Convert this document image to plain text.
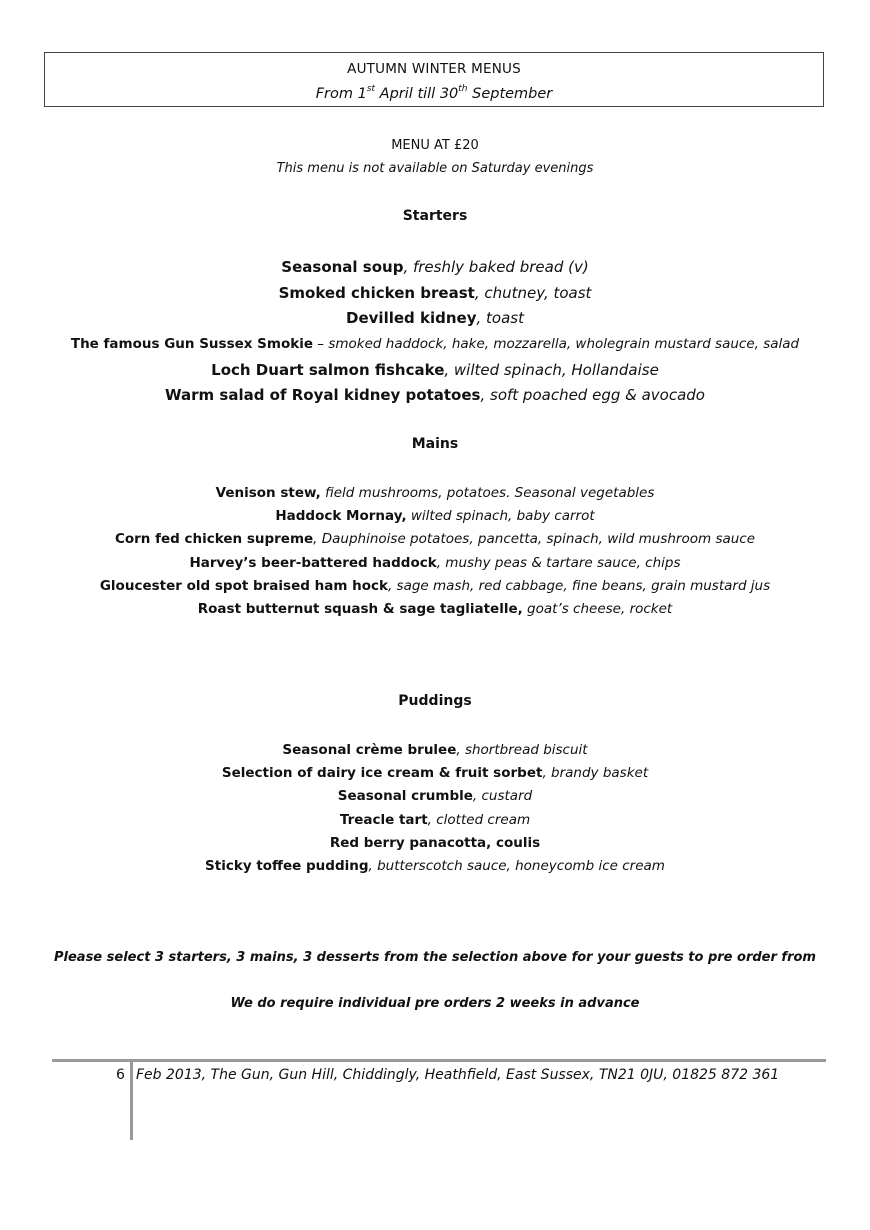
AUTUMN WINTER MENUS
From 1st April till 30th September
MENU AT £20
This menu is not available on Saturday evenings
Starters
Seasonal soup, freshly baked bread (v)
Smoked chicken breast, chutney, toast
Devilled kidney, toast
The famous Gun Sussex Smokie – smoked haddock, hake, mozzarella, wholegrain mustard sauce, salad
Loch Duart salmon fishcake, wilted spinach, Hollandaise
Warm salad of Royal kidney potatoes, soft poached egg & avocado
Mains
Venison stew, field mushrooms, potatoes. Seasonal vegetables
Haddock Mornay, wilted spinach, baby carrot
Corn fed chicken supreme, Dauphinoise potatoes, pancetta, spinach, wild mushroom sauce
Harvey’s beer-battered haddock, mushy peas & tartare sauce, chips
Gloucester old spot braised ham hock, sage mash, red cabbage, fine beans, grain mustard jus
Roast butternut squash & sage tagliatelle, goat’s cheese, rocket
Puddings
Seasonal crème brulee, shortbread biscuit
Selection of dairy ice cream & fruit sorbet, brandy basket
Seasonal crumble, custard
Treacle tart, clotted cream
Red berry panacotta, coulis
Sticky toffee pudding, butterscotch sauce, honeycomb ice cream
Please select 3 starters, 3 mains, 3 desserts from the selection above for your guests to pre order from
We do require individual pre orders 2 weeks in advance
6 Feb 2013, The Gun, Gun Hill, Chiddingly, Heathfield, East Sussex, TN21 0JU, 01825 872 361
